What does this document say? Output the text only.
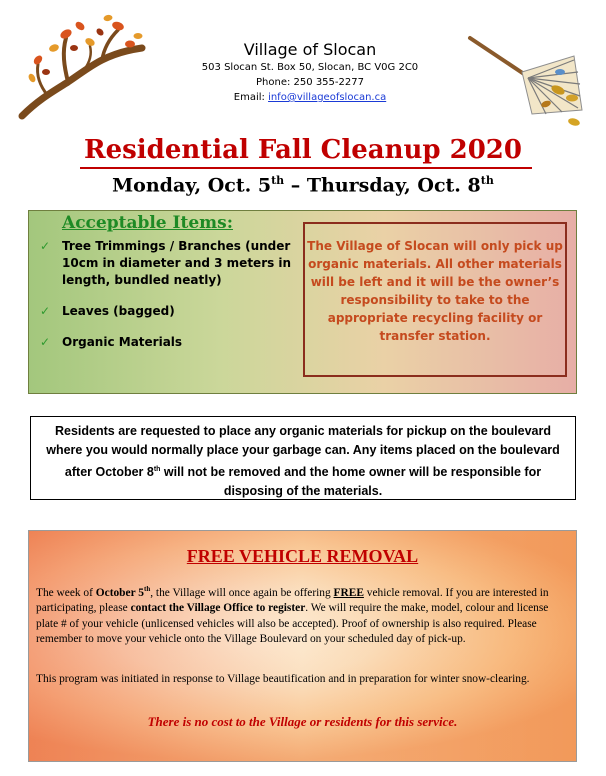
Village of Slocan
503 Slocan St. Box 50, Slocan, BC V0G 2C0
Phone: 250 355-2277
Email: info@villageofslocan.ca
Residential Fall Cleanup 2020
Monday, Oct. 5th – Thursday, Oct. 8th
Acceptable Items:
✓ Tree Trimmings / Branches (under 10cm in diameter and 3 meters in length, bundled neatly)
✓ Leaves (bagged)
✓ Organic Materials
The Village of Slocan will only pick up organic materials. All other materials will be left and it will be the owner’s responsibility to take to the appropriate recycling facility or transfer station.
Residents are requested to place any organic materials for pickup on the boulevard where you would normally place your garbage can. Any items placed on the boulevard after October 8th will not be removed and the home owner will be responsible for disposing of the materials.
FREE VEHICLE REMOVAL
The week of October 5th, the Village will once again be offering FREE vehicle removal. If you are interested in participating, please contact the Village Office to register. We will require the make, model, colour and license plate # of your vehicle (unlicensed vehicles will also be accepted). Proof of ownership is also required. Please remember to move your vehicle onto the Village Boulevard on your scheduled day of pick-up.
This program was initiated in response to Village beautification and in preparation for winter snow-clearing.
There is no cost to the Village or residents for this service.
